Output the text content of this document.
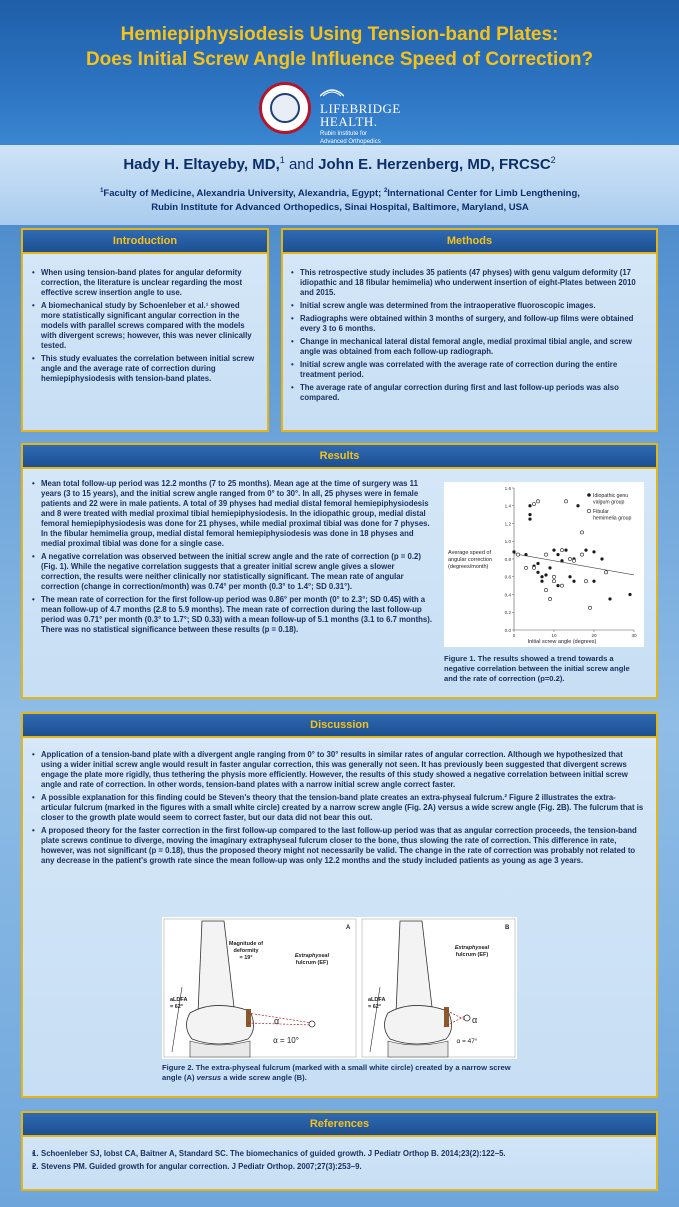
Hemiepiphysiodesis Using Tension-band Plates:
Does Initial Screw Angle Influence Speed of Correction?
LIFEBRIDGE
HEALTH.
Rubin Institute for
Advanced Orthopedics
Hady H. Eltayeby, MD,$^1$ and John E. Herzenberg, MD, FRCSC$^2$
$^1$Faculty of Medicine, Alexandria University, Alexandria, Egypt; $^2$International Center for Limb Lengthening,
Rubin Institute for Advanced Orthopedics, Sinai Hospital, Baltimore, Maryland, USA
Introduction
• When using tension-band plates for angular deformity correction, the literature is unclear regarding the most effective screw insertion angle to use.
• A biomechanical study by Schoenleber et al.¹ showed more statistically significant angular correction in the models with parallel screws compared with the models with divergent screws; however, this was never clinically tested.
• This study evaluates the correlation between initial screw angle and the average rate of correction during hemiepiphysiodesis with tension-band plates.
Methods
• This retrospective study includes 35 patients (47 physes) with genu valgum deformity (17 idiopathic and 18 fibular hemimelia) who underwent insertion of eight-Plates between 2010 and 2015.
• Initial screw angle was determined from the intraoperative fluoroscopic images.
• Radiographs were obtained within 3 months of surgery, and follow-up films were obtained every 3 to 6 months.
• Change in mechanical lateral distal femoral angle, medial proximal tibial angle, and screw angle was obtained from each follow-up radiograph.
• Initial screw angle was correlated with the average rate of correction during the entire treatment period.
• The average rate of angular correction during first and last follow-up periods was also compared.
Results
• Mean total follow-up period was 12.2 months (7 to 25 months). Mean age at the time of surgery was 11 years (3 to 15 years), and the initial screw angle ranged from 0° to 30°. In all, 25 physes were in female patients and 22 were in male patients. A total of 39 physes had medial distal femoral hemiepiphysiodesis and 8 were treated with medial proximal tibial hemiepiphysiodesis. In the idiopathic group, medial distal femoral hemiepiphysiodesis was done for 21 physes, while medial proximal tibial was done for 7 physes. In the fibular hemimelia group, medial distal femoral hemiepiphysiodesis was done in 18 physes and medial proximal tibial was done for a single case.
• A negative correlation was observed between the initial screw angle and the rate of correction (p = 0.2) (Fig. 1). While the negative correlation suggests that a greater initial screw angle gives a slower correction, the results were neither clinically nor statistically significant. The mean rate of angular correction (change in correction/month) was 0.74° per month (0.3° to 1.4°; SD 0.31°).
• The mean rate of correction for the first follow-up period was 0.86° per month (0° to 2.3°; SD 0.45) with a mean follow-up of 4.7 months (2.8 to 5.9 months). The mean rate of correction during the last follow-up period was 0.71° per month (0.3° to 1.7°; SD 0.33) with a mean follow-up of 5.1 months (3.1 to 6.7 months). There was no statistical significance between these results (p = 0.18).	0.0
0.2
0.4
0.6
0.8
1.0
1.2
1.4
1.6
0	10	20	30
Average speed of
angular correction
(degrees/month)
Initial screw angle (degrees)
Idiopathic genu valgum group
Fibular hemimelia group
Figure 1. The results showed a trend towards a negative correlation between the initial screw angle and the rate of correction (p=0.2).
Discussion
• Application of a tension-band plate with a divergent angle ranging from 0° to 30° results in similar rates of angular correction. Although we hypothesized that using a wider initial screw angle would result in faster angular correction, this was generally not seen. It has previously been suggested that divergent screws engage the plate more rigidly, thus tethering the physis more efficiently. However, the results of this study showed a negative correlation between initial screw angle and rate of correction. In other words, tension-band plates with a narrow initial screw angle correct faster.
• A possible explanation for this finding could be Steven's theory that the tension-band plate creates an extra-physeal fulcrum.² Figure 2 illustrates the extra-articular fulcrum (marked in the figures with a small white circle) created by a narrow screw angle (Fig. 2A) versus a wide screw angle (Fig. 2B). The fulcrum that is closer to the growth plate would seem to correct faster, but our data did not bear this out.
• A proposed theory for the faster correction in the first follow-up compared to the last follow-up period was that as angular correction proceeds, the tension-band plate screws continue to diverge, moving the imaginary extraphyseal fulcrum closer to the bone, thus slowing the rate of correction. This difference in rate, however, was not significant (p = 0.18), thus the proposed theory might not necessarily be valid. The change in the rate of correction was probably not related to any decrease in the patient's growth rate since the mean follow-up was only 12.2 months and the study included patients as young as age 3 years.
aLDFA
= 62°
Magnitude of
deformity
= 19°	Extraphyseal
fulcrum (EF)
α
α = 10°
A
aLDFA
= 62°
Extraphyseal
fulcrum (EF)
α
α = 47°
B
Figure 2. The extra-physeal fulcrum (marked with a small white circle) created by a narrow screw angle (A) versus a wide screw angle (B).
References
• 1. Schoenleber SJ, Iobst CA, Baitner A, Standard SC. The biomechanics of guided growth. J Pediatr Orthop B. 2014;23(2):122–5.
• 2. Stevens PM. Guided growth for angular correction. J Pediatr Orthop. 2007;27(3):253–9.
